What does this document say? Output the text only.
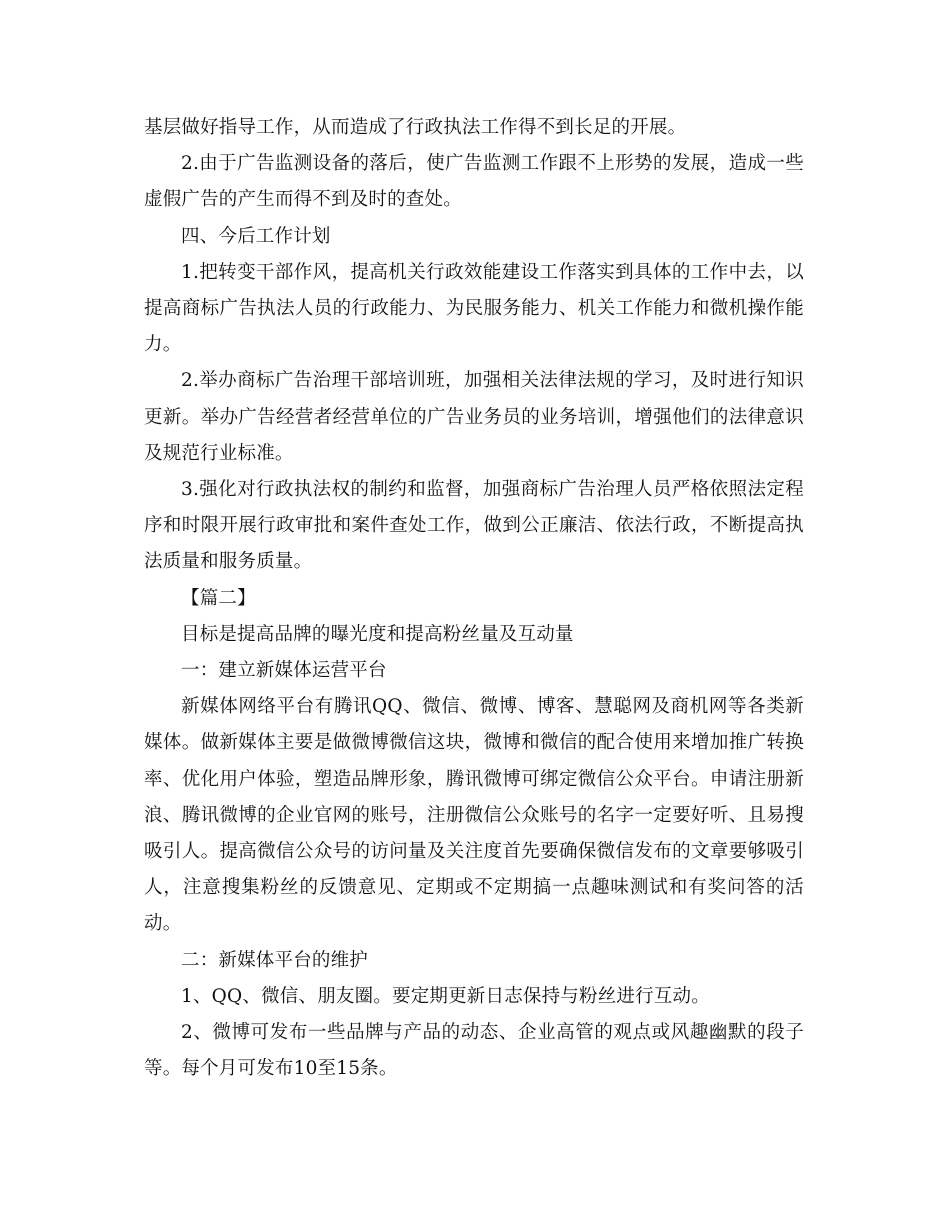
基层做好指导工作，从而造成了行政执法工作得不到长足的开展。

2.由于广告监测设备的落后，使广告监测工作跟不上形势的发展，造成一些虚假广告的产生而得不到及时的查处。

四、今后工作计划

1.把转变干部作风，提高机关行政效能建设工作落实到具体的工作中去，以提高商标广告执法人员的行政能力、为民服务能力、机关工作能力和微机操作能力。

2.举办商标广告治理干部培训班，加强相关法律法规的学习，及时进行知识更新。举办广告经营者经营单位的广告业务员的业务培训，增强他们的法律意识及规范行业标准。

3.强化对行政执法权的制约和监督，加强商标广告治理人员严格依照法定程序和时限开展行政审批和案件查处工作，做到公正廉洁、依法行政，不断提高执法质量和服务质量。

【篇二】

目标是提高品牌的曝光度和提高粉丝量及互动量

一：建立新媒体运营平台

新媒体网络平台有腾讯QQ、微信、微博、博客、慧聪网及商机网等各类新媒体。做新媒体主要是做微博微信这块，微博和微信的配合使用来增加推广转换率、优化用户体验，塑造品牌形象，腾讯微博可绑定微信公众平台。申请注册新浪、腾讯微博的企业官网的账号，注册微信公众账号的名字一定要好听、且易搜吸引人。提高微信公众号的访问量及关注度首先要确保微信发布的文章要够吸引人，注意搜集粉丝的反馈意见、定期或不定期搞一点趣味测试和有奖问答的活动。

二：新媒体平台的维护

1、QQ、微信、朋友圈。要定期更新日志保持与粉丝进行互动。

2、微博可发布一些品牌与产品的动态、企业高管的观点或风趣幽默的段子等。每个月可发布10至15条。
